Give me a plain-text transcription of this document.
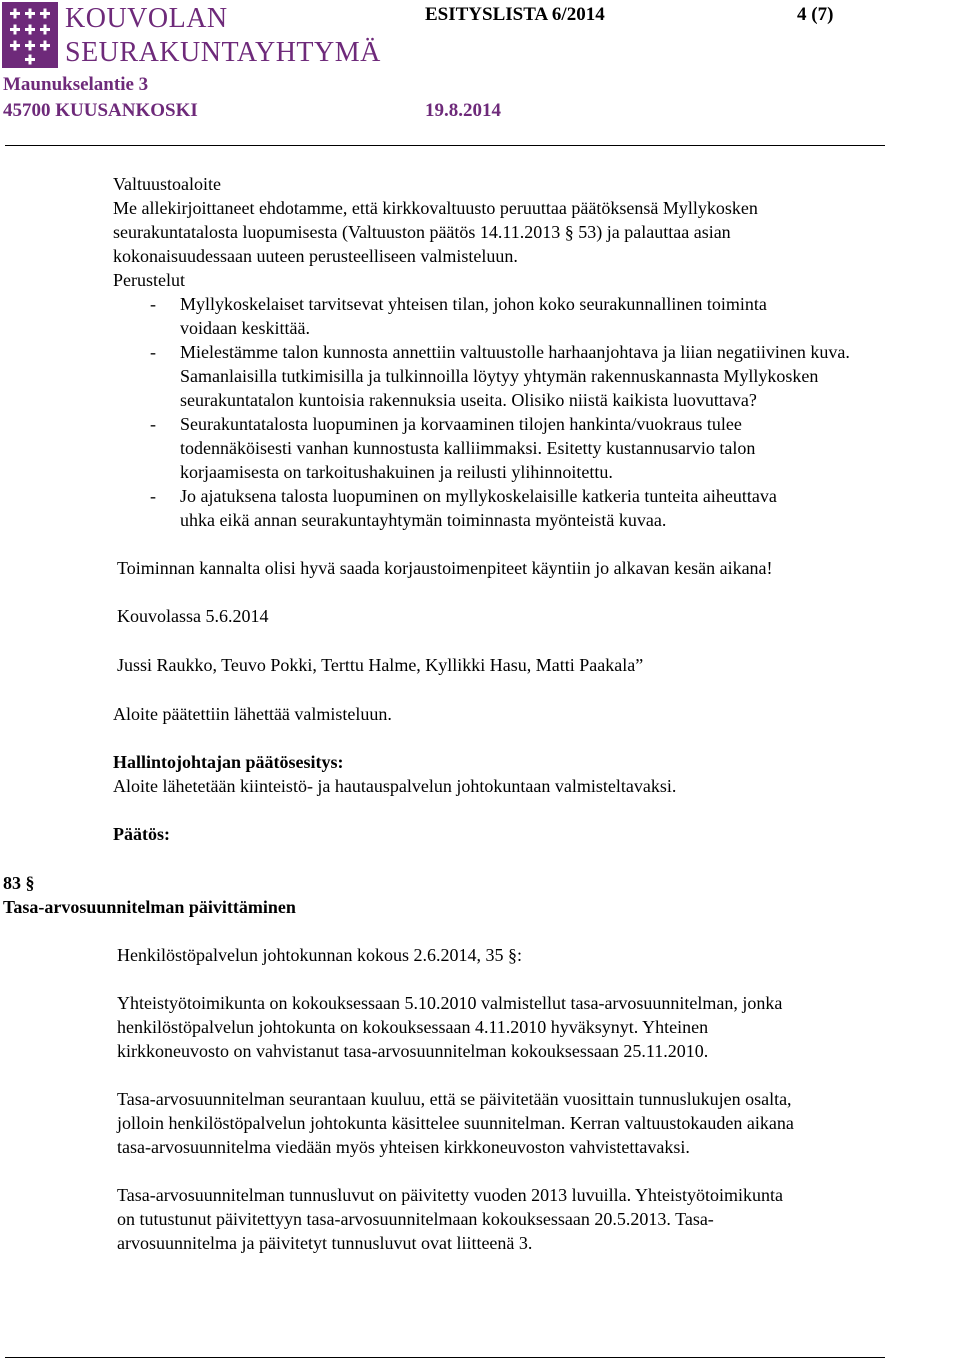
KOUVOLAN
SEURAKUNTAYHTYMÄ
ESITYSLISTA 6/2014	4 (7)
Maunukselantie 3
45700 KUUSANKOSKI	19.8.2014
Valtuustoaloite
Me allekirjoittaneet ehdotamme, että kirkkovaltuusto peruuttaa päätöksensä Myllykosken
seurakuntatalosta luopumisesta (Valtuuston päätös 14.11.2013 § 53) ja palauttaa asian
kokonaisuudessaan uuteen perusteelliseen valmisteluun.
Perustelut
- Myllykoskelaiset tarvitsevat yhteisen tilan, johon koko seurakunnallinen toiminta
voidaan keskittää.
- Mielestämme talon kunnosta annettiin valtuustolle harhaanjohtava ja liian negatiivinen kuva.
Samanlaisilla tutkimisilla ja tulkinnoilla löytyy yhtymän rakennuskannasta Myllykosken
seurakuntatalon kuntoisia rakennuksia useita. Olisiko niistä kaikista luovuttava?
- Seurakuntatalosta luopuminen ja korvaaminen tilojen hankinta/vuokraus tulee
todennäköisesti vanhan kunnostusta kalliimmaksi. Esitetty kustannusarvio talon
korjaamisesta on tarkoitushakuinen ja reilusti ylihinnoitettu.
- Jo ajatuksena talosta luopuminen on myllykoskelaisille katkeria tunteita aiheuttava
uhka eikä annan seurakuntayhtymän toiminnasta myönteistä kuvaa.
Toiminnan kannalta olisi hyvä saada korjaustoimenpiteet käyntiin jo alkavan kesän aikana!
Kouvolassa 5.6.2014
Jussi Raukko, Teuvo Pokki, Terttu Halme, Kyllikki Hasu, Matti Paakala”
Aloite päätettiin lähettää valmisteluun.
Hallintojohtajan päätösesitys:
Aloite lähetetään kiinteistö- ja hautauspalvelun johtokuntaan valmisteltavaksi.
Päätös:
83 §
Tasa-arvosuunnitelman päivittäminen
Henkilöstöpalvelun johtokunnan kokous 2.6.2014, 35 §:
Yhteistyötoimikunta on kokouksessaan 5.10.2010 valmistellut tasa-arvosuunnitelman, jonka
henkilöstöpalvelun johtokunta on kokouksessaan 4.11.2010 hyväksynyt. Yhteinen
kirkkoneuvosto on vahvistanut tasa-arvosuunnitelman kokouksessaan 25.11.2010.
Tasa-arvosuunnitelman seurantaan kuuluu, että se päivitetään vuosittain tunnuslukujen osalta,
jolloin henkilöstöpalvelun johtokunta käsittelee suunnitelman. Kerran valtuustokauden aikana
tasa-arvosuunnitelma viedään myös yhteisen kirkkoneuvoston vahvistettavaksi.
Tasa-arvosuunnitelman tunnusluvut on päivitetty vuoden 2013 luvuilla. Yhteistyötoimikunta
on tutustunut päivitettyyn tasa-arvosuunnitelmaan kokouksessaan 20.5.2013. Tasa-
arvosuunnitelma ja päivitetyt tunnusluvut ovat liitteenä 3.
